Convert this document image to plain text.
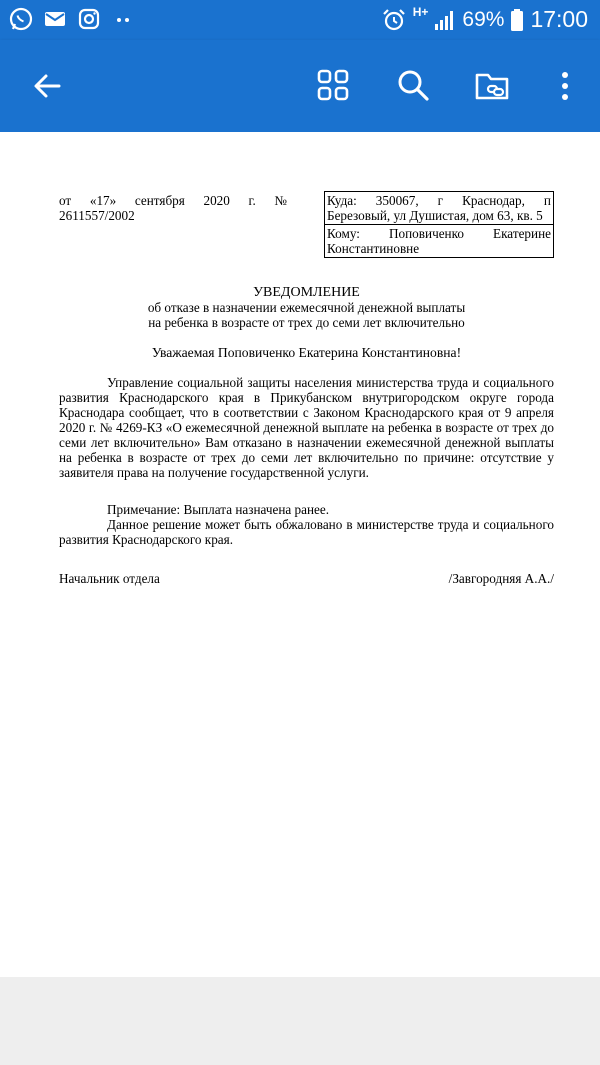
H+ 69% 17:00
от «17» сентября 2020 г. № 2611557/2002
Куда: 350067, г Краснодар, п Березовый, ул Душистая, дом 63, кв. 5
Кому: Поповиченко Екатерине Константиновне
УВЕДОМЛЕНИЕ
об отказе в назначении ежемесячной денежной выплаты
на ребенка в возрасте от трех до семи лет включительно
Уважаемая Поповиченко Екатерина Константиновна!

Управление социальной защиты населения министерства труда и социального развития Краснодарского края в Прикубанском внутригородском округе города Краснодара сообщает, что в соответствии с Законом Краснодарского края от 9 апреля 2020 г. № 4269-КЗ «О ежемесячной денежной выплате на ребенка в возрасте от трех до семи лет включительно» Вам отказано в назначении ежемесячной денежной выплаты на ребенка в возрасте от трех до семи лет включительно по причине: отсутствие у заявителя права на получение государственной услуги.

Примечание: Выплата назначена ранее.

Данное решение может быть обжаловано в министерстве труда и социального развития Краснодарского края.

Начальник отдела	/Завгородняя А.А./
